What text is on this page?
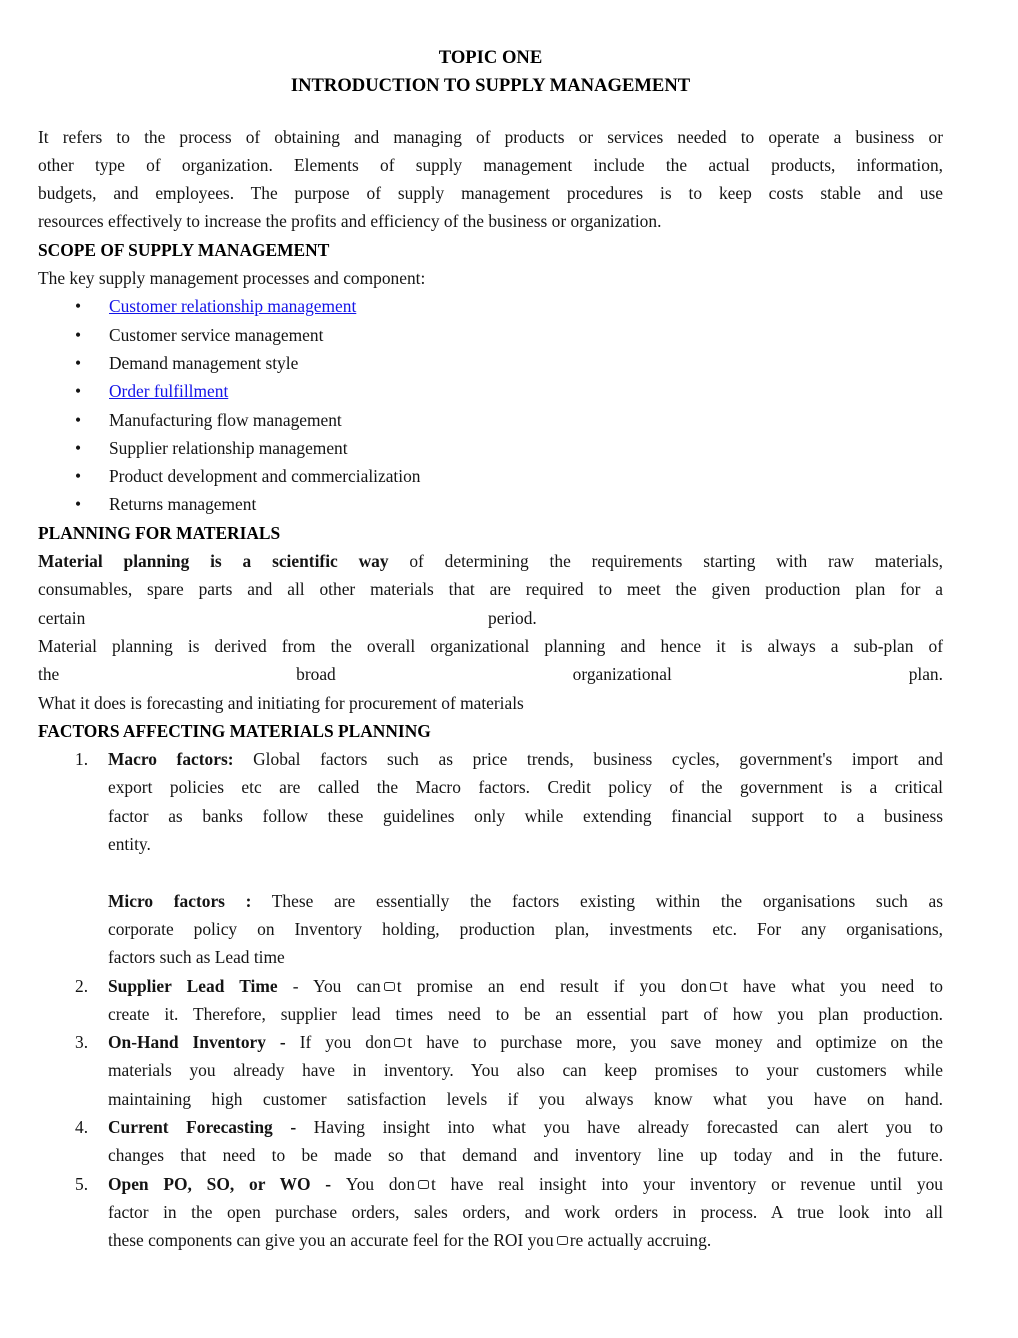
TOPIC ONE
INTRODUCTION TO SUPPLY MANAGEMENT
It refers to the process of obtaining and managing of products or services needed to operate a business or
other type of organization. Elements of supply management include the actual products, information,
budgets, and employees. The purpose of supply management procedures is to keep costs stable and use
resources effectively to increase the profits and efficiency of the business or organization.
SCOPE OF SUPPLY MANAGEMENT
The key supply management processes and component:
• Customer relationship management
• Customer service management
• Demand management style
• Order fulfillment
• Manufacturing flow management
• Supplier relationship management
• Product development and commercialization
• Returns management
PLANNING FOR MATERIALS
Material planning is a scientific way of determining the requirements starting with raw materials,
consumables, spare parts and all other materials that are required to meet the given production plan for a
certain	period.
Material planning is derived from the overall organizational planning and hence it is always a sub-plan of
the	broad	organizational	plan.
What it does is forecasting and initiating for procurement of materials
FACTORS AFFECTING MATERIALS PLANNING
1. Macro factors: Global factors such as price trends, business cycles, government's import and
export policies etc are called the Macro factors. Credit policy of the government is a critical
factor as banks follow these guidelines only while extending financial support to a business
entity.
Micro factors : These are essentially the factors existing within the organisations such as
corporate policy on Inventory holding, production plan, investments etc. For any organisations,
factors such as Lead time
2. Supplier Lead Time - You can t promise an end result if you don t have what you need to
create it. Therefore, supplier lead times need to be an essential part of how you plan production.
3. On-Hand Inventory - If you don t have to purchase more, you save money and optimize on the
materials you already have in inventory. You also can keep promises to your customers while
maintaining high customer satisfaction levels if you always know what you have on hand.
4. Current Forecasting - Having insight into what you have already forecasted can alert you to
changes that need to be made so that demand and inventory line up today and in the future.
5. Open PO, SO, or WO - You don t have real insight into your inventory or revenue until you
factor in the open purchase orders, sales orders, and work orders in process. A true look into all
these components can give you an accurate feel for the ROI you re actually accruing.
